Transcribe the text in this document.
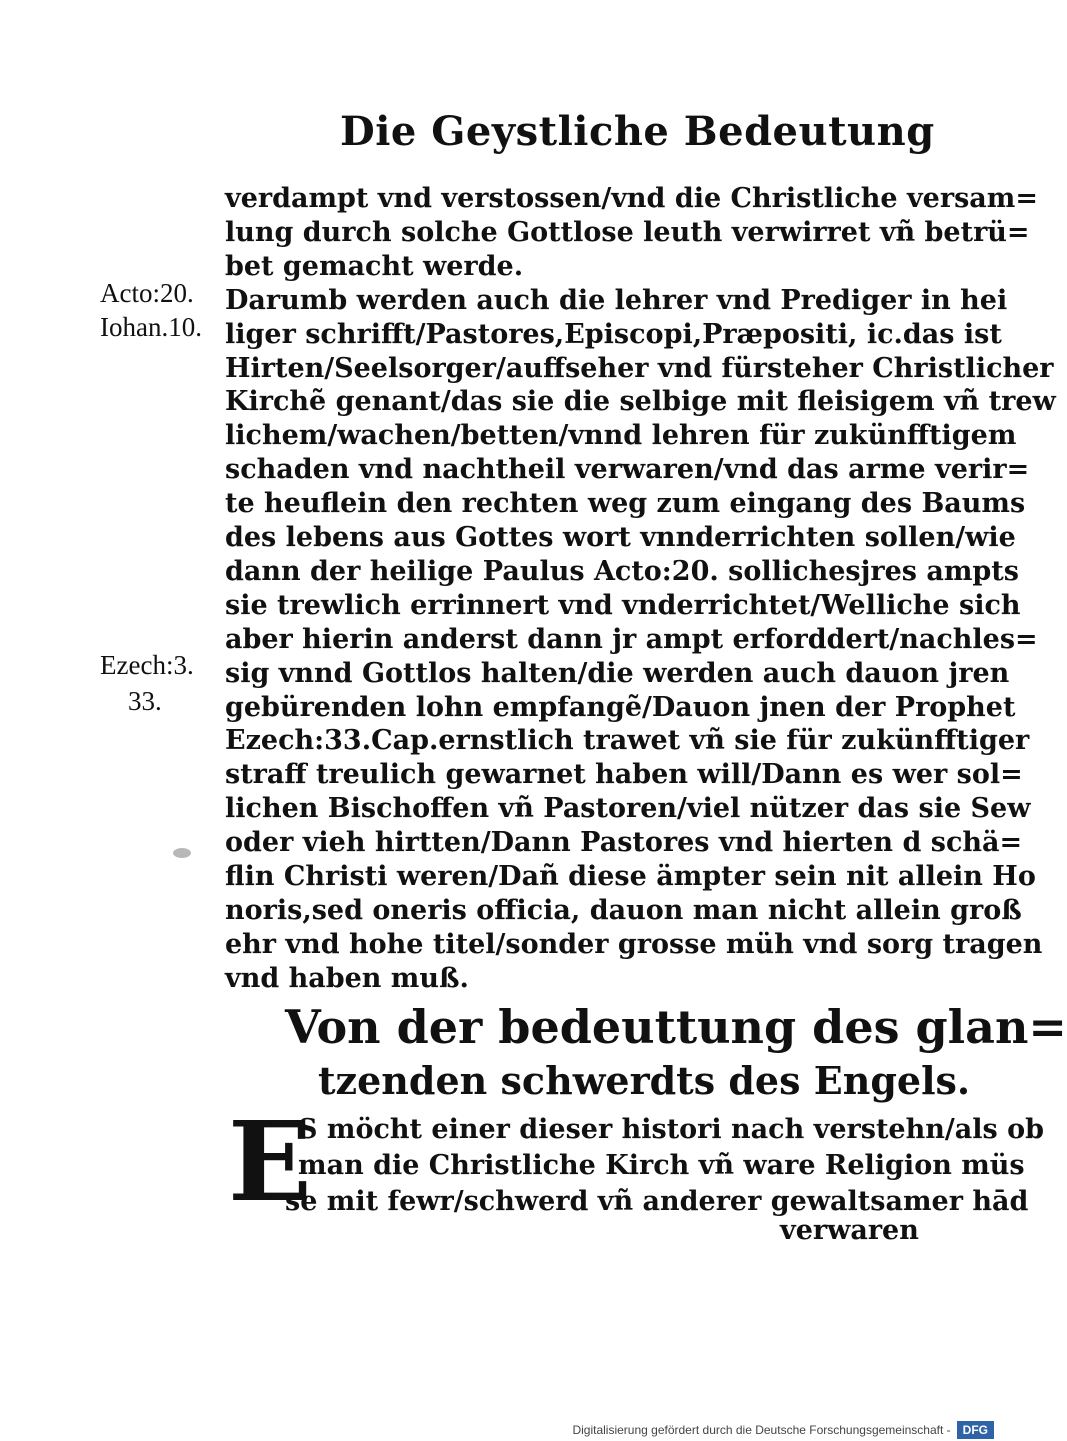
Die Geystliche Bedeutung
verdampt vnd verstossen/vnd die Christliche versam=
lung durch solche Gottlose leuth verwirret vñ betrü=
bet gemacht werde.
Darumb werden auch die lehrer vnd Prediger in hei
liger schrifft/Pastores,Episcopi,Præpositi, ic.das ist
Hirten/Seelsorger/auffseher vnd fürsteher Christlicher
Kirchẽ genant/das sie die selbige mit fleisigem vñ trew
lichem/wachen/betten/vnnd lehren für zukünfftigem
schaden vnd nachtheil verwaren/vnd das arme verir=
te heuflein den rechten weg zum eingang des Baums
des lebens aus Gottes wort vnnderrichten sollen/wie
dann der heilige Paulus Acto:20. sollichesjres ampts
sie trewlich errinnert vnd vnderrichtet/Welliche sich
aber hierin anderst dann jr ampt erforddert/nachles=
sig vnnd Gottlos halten/die werden auch dauon jren
gebürenden lohn empfangẽ/Dauon jnen der Prophet
Ezech:33.Cap.ernstlich trawet vñ sie für zukünfftiger
straff treulich gewarnet haben will/Dann es wer sol=
lichen Bischoffen vñ Pastoren/viel nützer das sie Sew
oder vieh hirtten/Dann Pastores vnd hierten d schä=
flin Christi weren/Dañ diese ämpter sein nit allein Ho
noris,sed oneris officia, dauon man nicht allein groß
ehr vnd hohe titel/sonder grosse müh vnd sorg tragen
vnd haben muß.
Acto:20.
Iohan.10.
Ezech:3.
33.
Von der bedeuttung des glan=
tzenden schwerdts des Engels.
E
S möcht einer dieser histori nach verstehn/als ob
man die Christliche Kirch vñ ware Religion müs
se mit fewr/schwerd vñ anderer gewaltsamer hād
verwaren
Digitalisierung gefördert durch die Deutsche Forschungsgemeinschaft -	DFG
